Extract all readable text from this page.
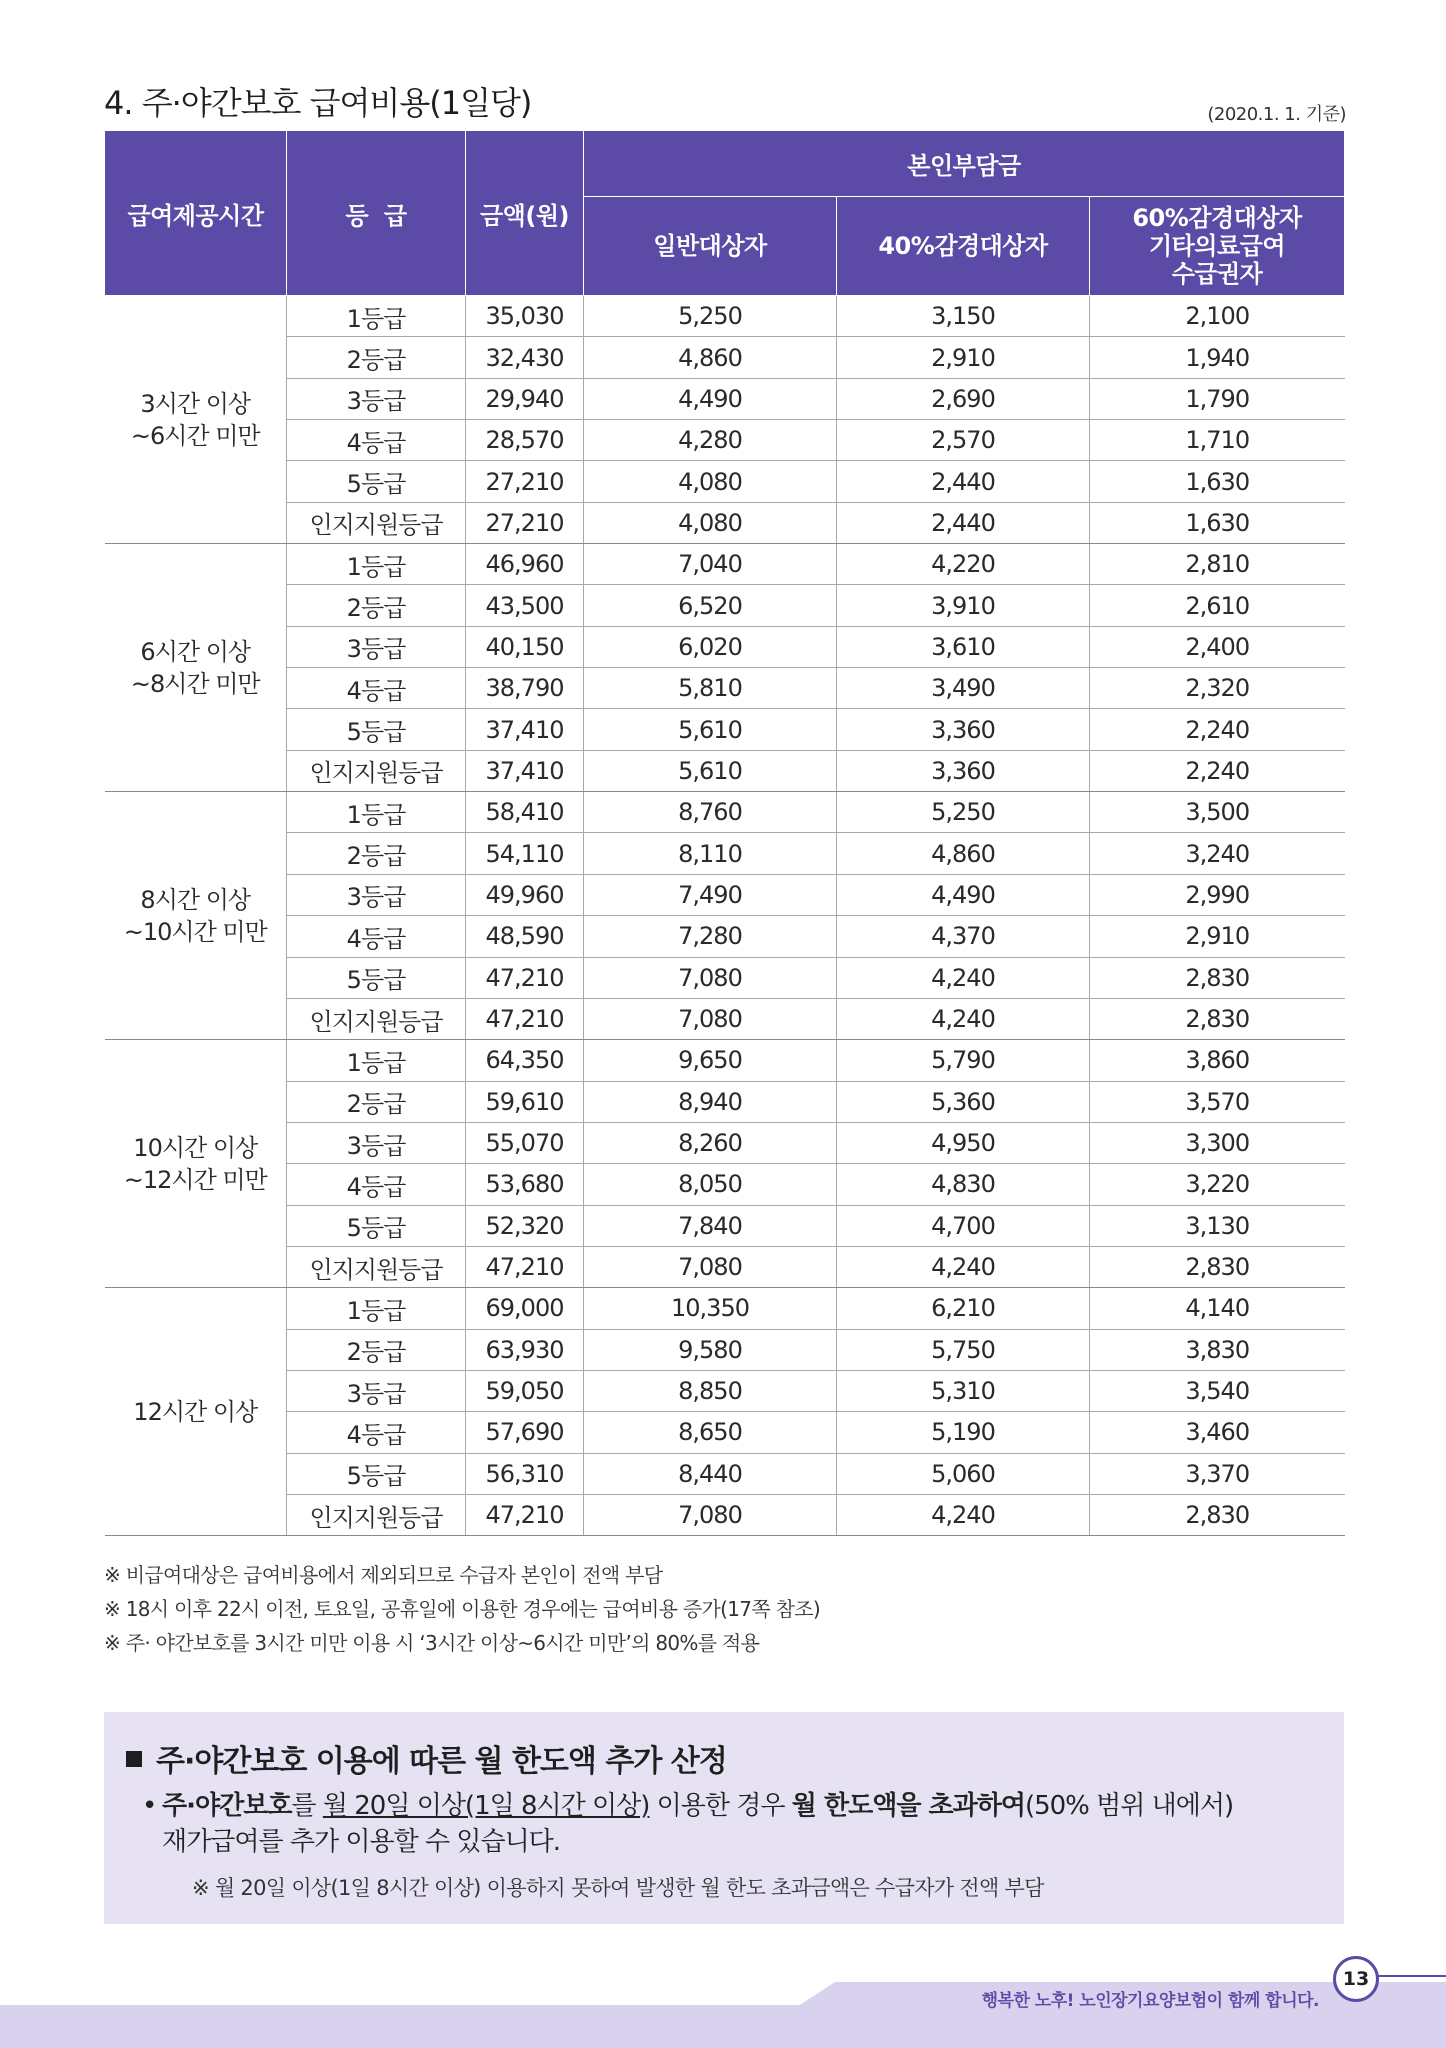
4. 주·야간보호 급여비용(1일당)	(2020.1. 1. 기준)
급여제공시간	등  급	금액(원)	본인부담금		
			일반대상자	40%감경대상자	60%감경대상자
기타의료급여
수급권자
3시간 이상
~6시간 미만	1등급	35,030	5,250	3,150	2,100
	2등급	32,430	4,860	2,910	1,940
	3등급	29,940	4,490	2,690	1,790
	4등급	28,570	4,280	2,570	1,710
	5등급	27,210	4,080	2,440	1,630
	인지지원등급	27,210	4,080	2,440	1,630
6시간 이상
~8시간 미만	1등급	46,960	7,040	4,220	2,810
	2등급	43,500	6,520	3,910	2,610
	3등급	40,150	6,020	3,610	2,400
	4등급	38,790	5,810	3,490	2,320
	5등급	37,410	5,610	3,360	2,240
	인지지원등급	37,410	5,610	3,360	2,240
8시간 이상
~10시간 미만	1등급	58,410	8,760	5,250	3,500
	2등급	54,110	8,110	4,860	3,240
	3등급	49,960	7,490	4,490	2,990
	4등급	48,590	7,280	4,370	2,910
	5등급	47,210	7,080	4,240	2,830
	인지지원등급	47,210	7,080	4,240	2,830
10시간 이상
~12시간 미만	1등급	64,350	9,650	5,790	3,860
	2등급	59,610	8,940	5,360	3,570
	3등급	55,070	8,260	4,950	3,300
	4등급	53,680	8,050	4,830	3,220
	5등급	52,320	7,840	4,700	3,130
	인지지원등급	47,210	7,080	4,240	2,830
12시간 이상	1등급	69,000	10,350	6,210	4,140
	2등급	63,930	9,580	5,750	3,830
	3등급	59,050	8,850	5,310	3,540
	4등급	57,690	8,650	5,190	3,460
	5등급	56,310	8,440	5,060	3,370
	인지지원등급	47,210	7,080	4,240	2,830
※ 비급여대상은 급여비용에서 제외되므로 수급자 본인이 전액 부담
※ 18시 이후 22시 이전, 토요일, 공휴일에 이용한 경우에는 급여비용 증가(17쪽 참조)
※ 주· 야간보호를 3시간 미만 이용 시 ‘3시간 이상~6시간 미만’의 80%를 적용
주·야간보호 이용에 따른 월 한도액 추가 산정
• 주·야간보호를 월 20일 이상(1일 8시간 이상) 이용한 경우 월 한도액을 초과하여(50% 범위 내에서)
재가급여를 추가 이용할 수 있습니다.
※ 월 20일 이상(1일 8시간 이상) 이용하지 못하여 발생한 월 한도 초과금액은 수급자가 전액 부담
행복한 노후! 노인장기요양보험이 함께 합니다.
13
